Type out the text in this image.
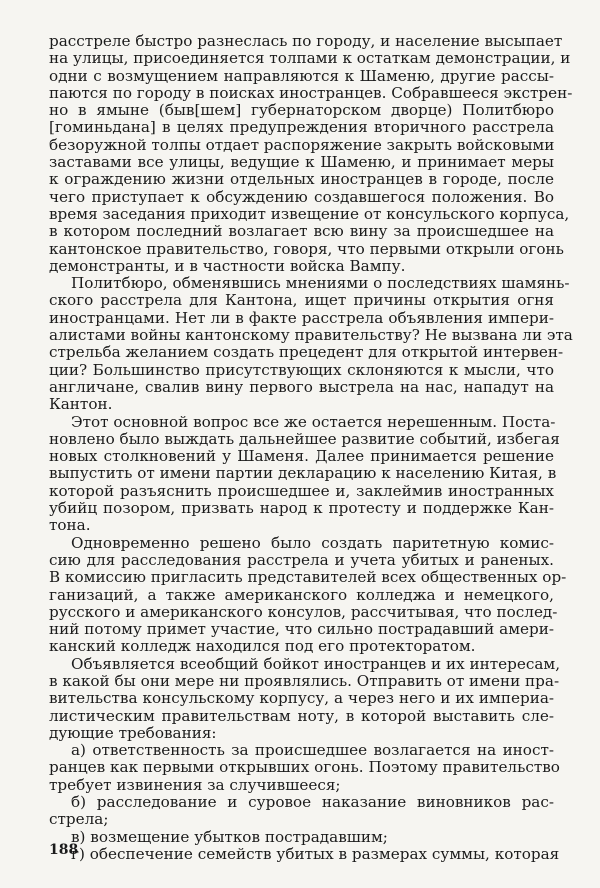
расстреле быстро разнеслась по городу, и население высыпает
на улицы, присоединяется толпами к остаткам демонстрации, и
одни с возмущением направляются к Шаменю, другие рассы-
паются по городу в поисках иностранцев. Собравшееся экстрен-
но в ямыне (быв[шем] губернаторском дворце) Политбюро
[гоминьдана] в целях предупреждения вторичного расстрела
безоружной толпы отдает распоряжение закрыть войсковыми
заставами все улицы, ведущие к Шаменю, и принимает меры
к ограждению жизни отдельных иностранцев в городе, после
чего приступает к обсуждению создавшегося положения. Во
время заседания приходит извещение от консульского корпуса,
в котором последний возлагает всю вину за происшедшее на
кантонское правительство, говоря, что первыми открыли огонь
демонстранты, и в частности войска Вампу.

Политбюро, обменявшись мнениями о последствиях шамянь-
ского расстрела для Кантона, ищет причины открытия огня
иностранцами. Нет ли в факте расстрела объявления импери-
алистами войны кантонскому правительству? Не вызвана ли эта
стрельба желанием создать прецедент для открытой интервен-
ции? Большинство присутствующих склоняются к мысли, что
англичане, свалив вину первого выстрела на нас, нападут на
Кантон.

Этот основной вопрос все же остается нерешенным. Поста-
новлено было выждать дальнейшее развитие событий, избегая
новых столкновений у Шаменя. Далее принимается решение
выпустить от имени партии декларацию к населению Китая, в
которой разъяснить происшедшее и, заклеймив иностранных
убийц позором, призвать народ к протесту и поддержке Кан-
тона.

Одновременно решено было создать паритетную комис-
сию для расследования расстрела и учета убитых и раненых.
В комиссию пригласить представителей всех общественных ор-
ганизаций, а также американского колледжа и немецкого,
русского и американского консулов, рассчитывая, что послед-
ний потому примет участие, что сильно пострадавший амери-
канский колледж находился под его протекторатом.

Объявляется всеобщий бойкот иностранцев и их интересам,
в какой бы они мере ни проявлялись. Отправить от имени пра-
вительства консульскому корпусу, а через него и их империа-
листическим правительствам ноту, в которой выставить сле-
дующие требования:

а) ответственность за происшедшее возлагается на иност-
ранцев как первыми открывших огонь. Поэтому правительство
требует извинения за случившееся;

б) расследование и суровое наказание виновников рас-
стрела;

в) возмещение убытков пострадавшим;

г) обеспечение семейств убитых в размерах суммы, которая

188
